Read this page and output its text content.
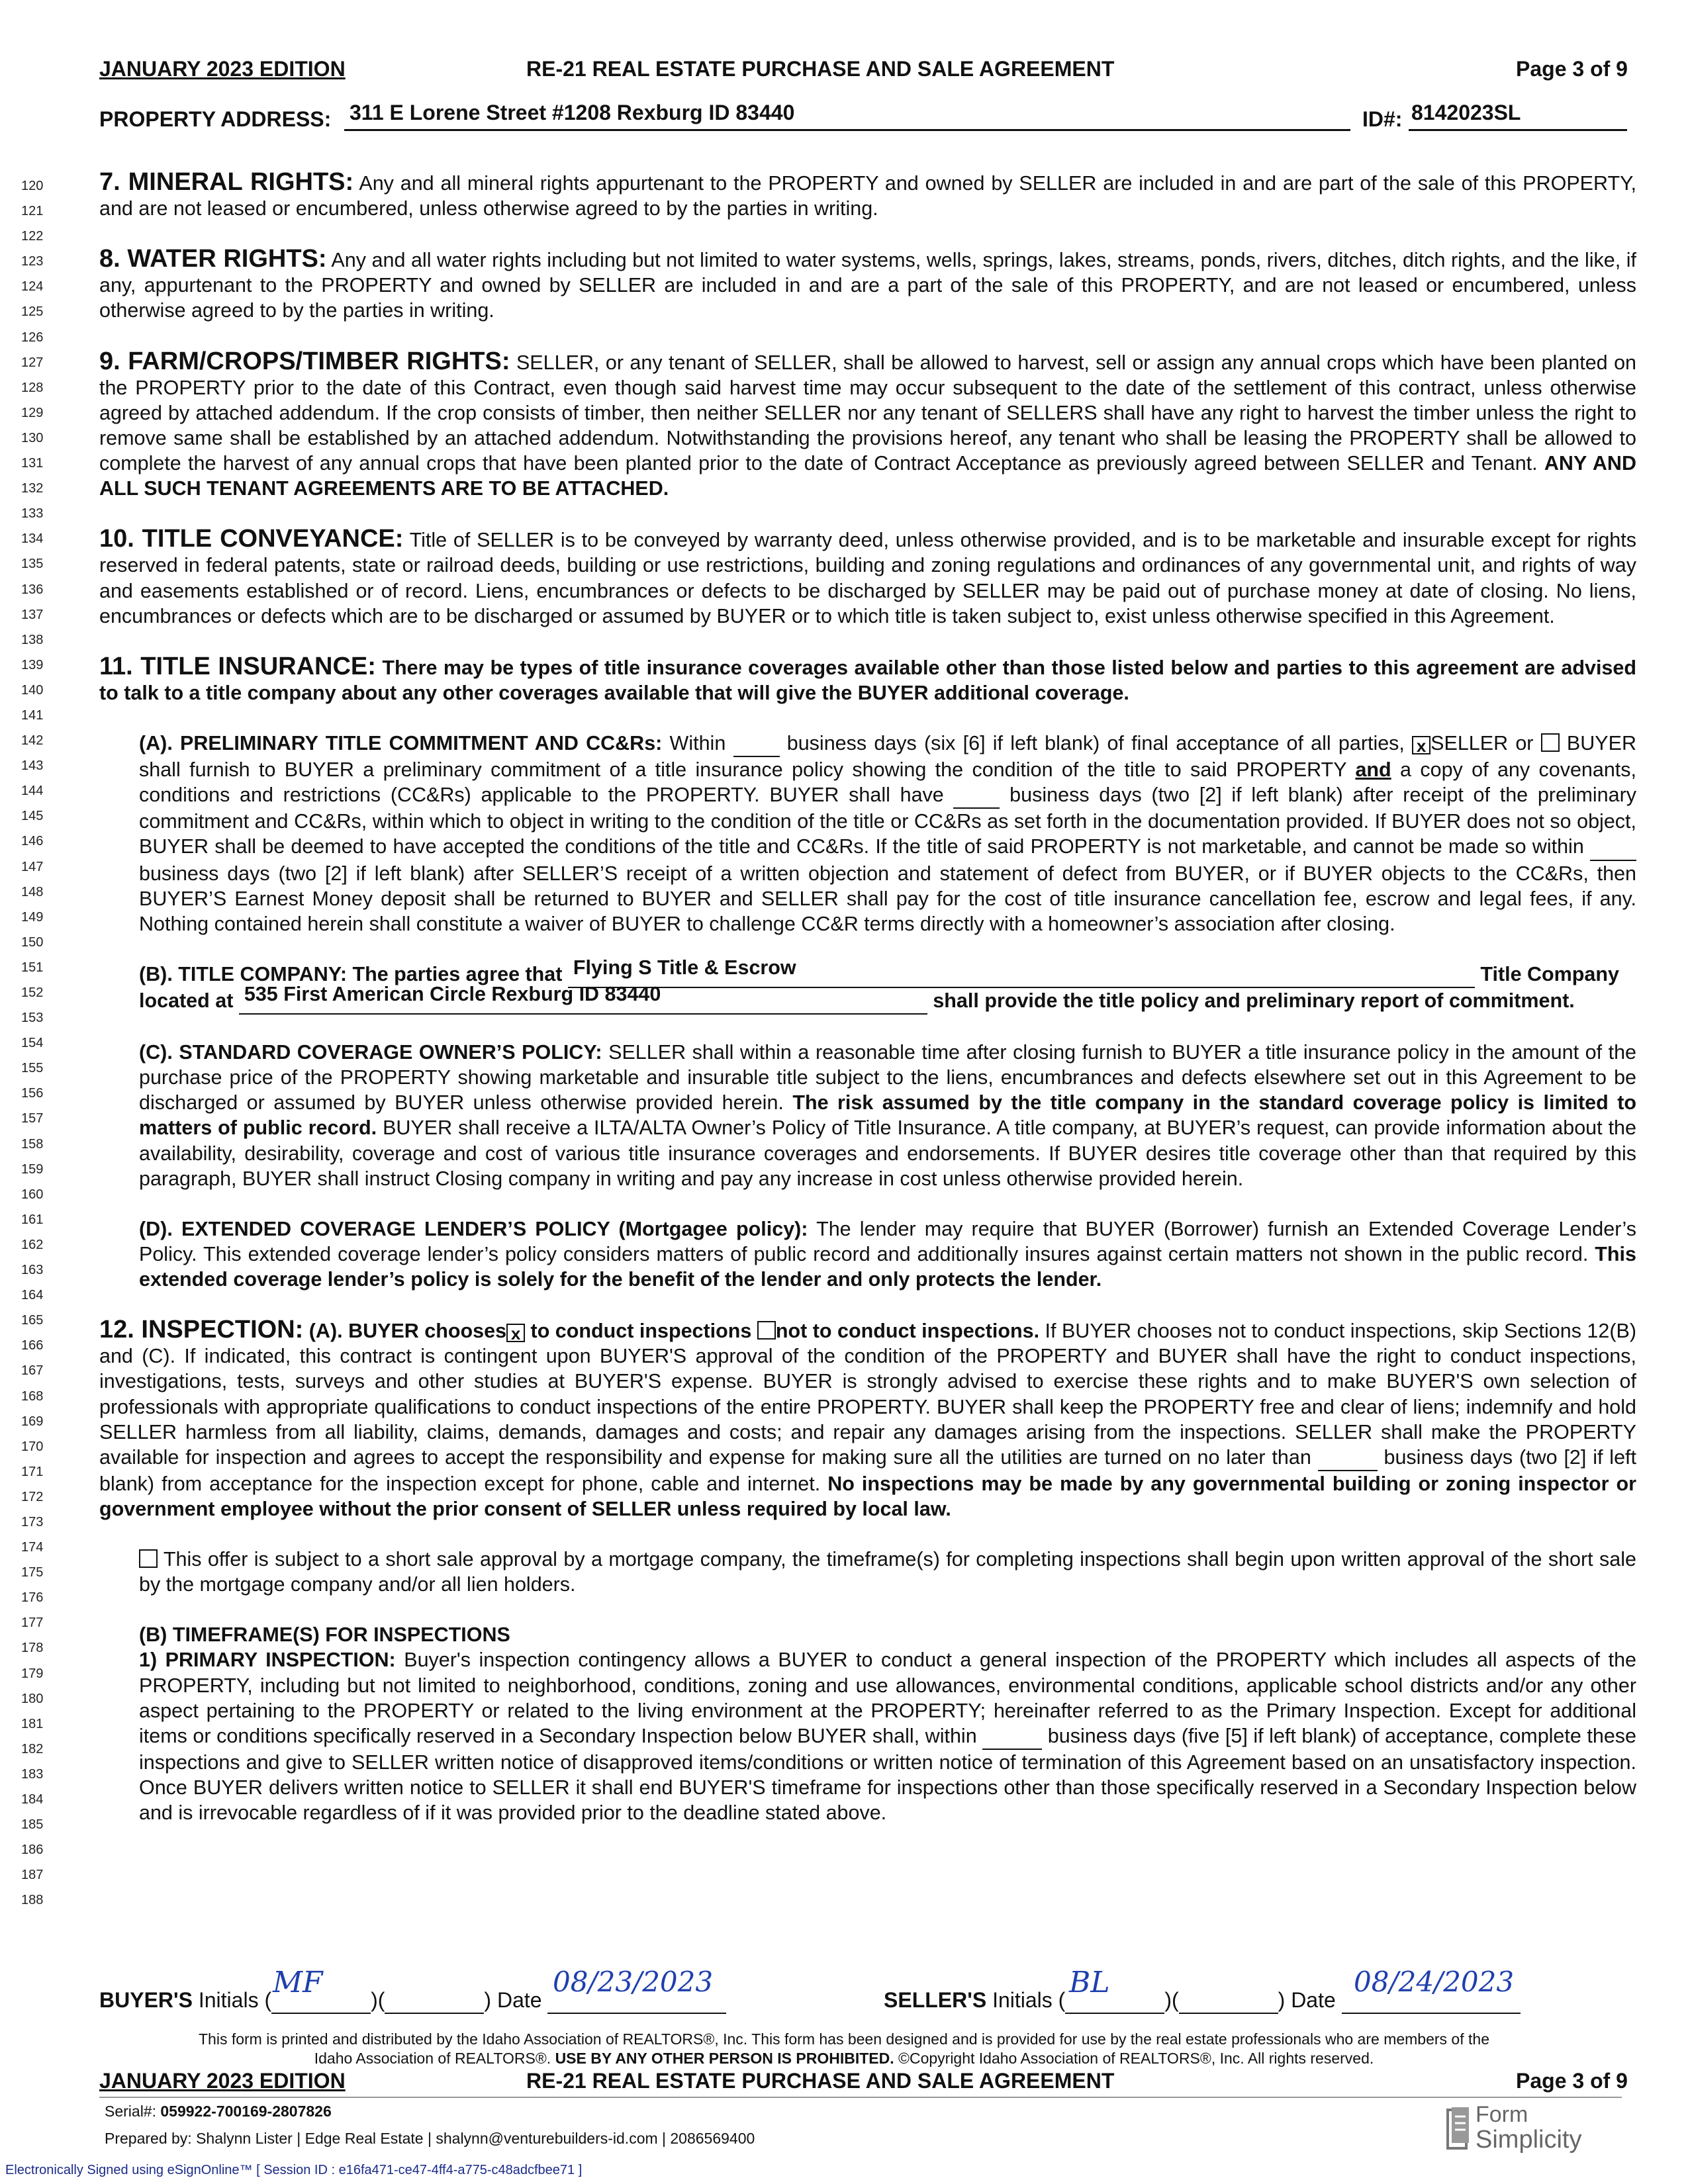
JANUARY 2023 EDITION	RE-21 REAL ESTATE PURCHASE AND SALE AGREEMENT	Page 3 of 9
PROPERTY ADDRESS: 311 E Lorene Street #1208 Rexburg ID 83440	ID#: 8142023SL
120
121
122
123
124
125
126
127
128
129
130
131
132
133
134
135
136
137
138
139
140
141
142
143
144
145
146
147
148
149
150
151
152
153
154
155
156
157
158
159
160
161
162
163
164
165
166
167
168
169
170
171
172
173
174
175
176
177
178
179
180
181
182
183
184
185
186
187
188

7. MINERAL RIGHTS: Any and all mineral rights appurtenant to the PROPERTY and owned by SELLER are included in and are part of the sale of this PROPERTY, and are not leased or encumbered, unless otherwise agreed to by the parties in writing.

8. WATER RIGHTS: Any and all water rights including but not limited to water systems, wells, springs, lakes, streams, ponds, rivers, ditches, ditch rights, and the like, if any, appurtenant to the PROPERTY and owned by SELLER are included in and are a part of the sale of this PROPERTY, and are not leased or encumbered, unless otherwise agreed to by the parties in writing.

9. FARM/CROPS/TIMBER RIGHTS: SELLER, or any tenant of SELLER, shall be allowed to harvest, sell or assign any annual crops which have been planted on the PROPERTY prior to the date of this Contract, even though said harvest time may occur subsequent to the date of the settlement of this contract, unless otherwise agreed by attached addendum. If the crop consists of timber, then neither SELLER nor any tenant of SELLERS shall have any right to harvest the timber unless the right to remove same shall be established by an attached addendum. Notwithstanding the provisions hereof, any tenant who shall be leasing the PROPERTY shall be allowed to complete the harvest of any annual crops that have been planted prior to the date of Contract Acceptance as previously agreed between SELLER and Tenant. ANY AND ALL SUCH TENANT AGREEMENTS ARE TO BE ATTACHED.

10. TITLE CONVEYANCE: Title of SELLER is to be conveyed by warranty deed, unless otherwise provided, and is to be marketable and insurable except for rights reserved in federal patents, state or railroad deeds, building or use restrictions, building and zoning regulations and ordinances of any governmental unit, and rights of way and easements established or of record. Liens, encumbrances or defects to be discharged by SELLER may be paid out of purchase money at date of closing. No liens, encumbrances or defects which are to be discharged or assumed by BUYER or to which title is taken subject to, exist unless otherwise specified in this Agreement.

11. TITLE INSURANCE: There may be types of title insurance coverages available other than those listed below and parties to this agreement are advised to talk to a title company about any other coverages available that will give the BUYER additional coverage.

(A). PRELIMINARY TITLE COMMITMENT AND CC&Rs: Within   business days (six [6] if left blank) of final acceptance of all parties, x SELLER or  BUYER shall furnish to BUYER a preliminary commitment of a title insurance policy showing the condition of the title to said PROPERTY and a copy of any covenants, conditions and restrictions (CC&Rs) applicable to the PROPERTY. BUYER shall have   business days (two [2] if left blank) after receipt of the preliminary commitment and CC&Rs, within which to object in writing to the condition of the title or CC&Rs as set forth in the documentation provided. If BUYER does not so object, BUYER shall be deemed to have accepted the conditions of the title and CC&Rs. If the title of said PROPERTY is not marketable, and cannot be made so within   business days (two [2] if left blank) after SELLER’S receipt of a written objection and statement of defect from BUYER, or if BUYER objects to the CC&Rs, then BUYER’S Earnest Money deposit shall be returned to BUYER and SELLER shall pay for the cost of title insurance cancellation fee, escrow and legal fees, if any. Nothing contained herein shall constitute a waiver of BUYER to challenge CC&R terms directly with a homeowner’s association after closing.

(B). TITLE COMPANY: The parties agree that Flying S Title & Escrow	Title Company
located at 535 First American Circle Rexburg ID 83440	shall provide the title policy and preliminary report of commitment.

(C). STANDARD COVERAGE OWNER’S POLICY: SELLER shall within a reasonable time after closing furnish to BUYER a title insurance policy in the amount of the purchase price of the PROPERTY showing marketable and insurable title subject to the liens, encumbrances and defects elsewhere set out in this Agreement to be discharged or assumed by BUYER unless otherwise provided herein. The risk assumed by the title company in the standard coverage policy is limited to matters of public record. BUYER shall receive a ILTA/ALTA Owner’s Policy of Title Insurance. A title company, at BUYER’s request, can provide information about the availability, desirability, coverage and cost of various title insurance coverages and endorsements. If BUYER desires title coverage other than that required by this paragraph, BUYER shall instruct Closing company in writing and pay any increase in cost unless otherwise provided herein.

(D). EXTENDED COVERAGE LENDER’S POLICY (Mortgagee policy): The lender may require that BUYER (Borrower) furnish an Extended Coverage Lender’s Policy. This extended coverage lender’s policy considers matters of public record and additionally insures against certain matters not shown in the public record. This extended coverage lender’s policy is solely for the benefit of the lender and only protects the lender.

12. INSPECTION: (A). BUYER chooses x to conduct inspections not to conduct inspections. If BUYER chooses not to conduct inspections, skip Sections 12(B) and (C). If indicated, this contract is contingent upon BUYER'S approval of the condition of the PROPERTY and BUYER shall have the right to conduct inspections, investigations, tests, surveys and other studies at BUYER'S expense. BUYER is strongly advised to exercise these rights and to make BUYER'S own selection of professionals with appropriate qualifications to conduct inspections of the entire PROPERTY. BUYER shall keep the PROPERTY free and clear of liens; indemnify and hold SELLER harmless from all liability, claims, demands, damages and costs; and repair any damages arising from the inspections. SELLER shall make the PROPERTY available for inspection and agrees to accept the responsibility and expense for making sure all the utilities are turned on no later than	business days (two [2] if left blank) from acceptance for the inspection except for phone, cable and internet. No inspections may be made by any governmental building or zoning inspector or government employee without the prior consent of SELLER unless required by local law.

This offer is subject to a short sale approval by a mortgage company, the timeframe(s) for completing inspections shall begin upon written approval of the short sale by the mortgage company and/or all lien holders.

(B) TIMEFRAME(S) FOR INSPECTIONS
1) PRIMARY INSPECTION: Buyer's inspection contingency allows a BUYER to conduct a general inspection of the PROPERTY which includes all aspects of the PROPERTY, including but not limited to neighborhood, conditions, zoning and use allowances, environmental conditions, applicable school districts and/or any other aspect pertaining to the PROPERTY or related to the living environment at the PROPERTY; hereinafter referred to as the Primary Inspection. Except for additional items or conditions specifically reserved in a Secondary Inspection below BUYER shall, within	business days (five [5] if left blank) of acceptance, complete these inspections and give to SELLER written notice of disapproved items/conditions or written notice of termination of this Agreement based on an unsatisfactory inspection. Once BUYER delivers written notice to SELLER it shall end BUYER'S timeframe for inspections other than those specifically reserved in a Secondary Inspection below and is irrevocable regardless of if it was provided prior to the deadline stated above.

BUYER'S Initials (	)(	) Date
MF	08/23/2023
SELLER'S Initials (	)(	) Date
BL	08/24/2023
This form is printed and distributed by the Idaho Association of REALTORS®, Inc. This form has been designed and is provided for use by the real estate professionals who are members of the
Idaho Association of REALTORS®. USE BY ANY OTHER PERSON IS PROHIBITED. ©Copyright Idaho Association of REALTORS®, Inc. All rights reserved.
JANUARY 2023 EDITION	RE-21 REAL ESTATE PURCHASE AND SALE AGREEMENT	Page 3 of 9
Serial#: 059922-700169-2807826
Prepared by: Shalynn Lister | Edge Real Estate | shalynn@venturebuilders-id.com | 2086569400
Form
Simplicity
Electronically Signed using eSignOnline™ [ Session ID : e16fa471-ce47-4ff4-a775-c48adcfbee71 ]
